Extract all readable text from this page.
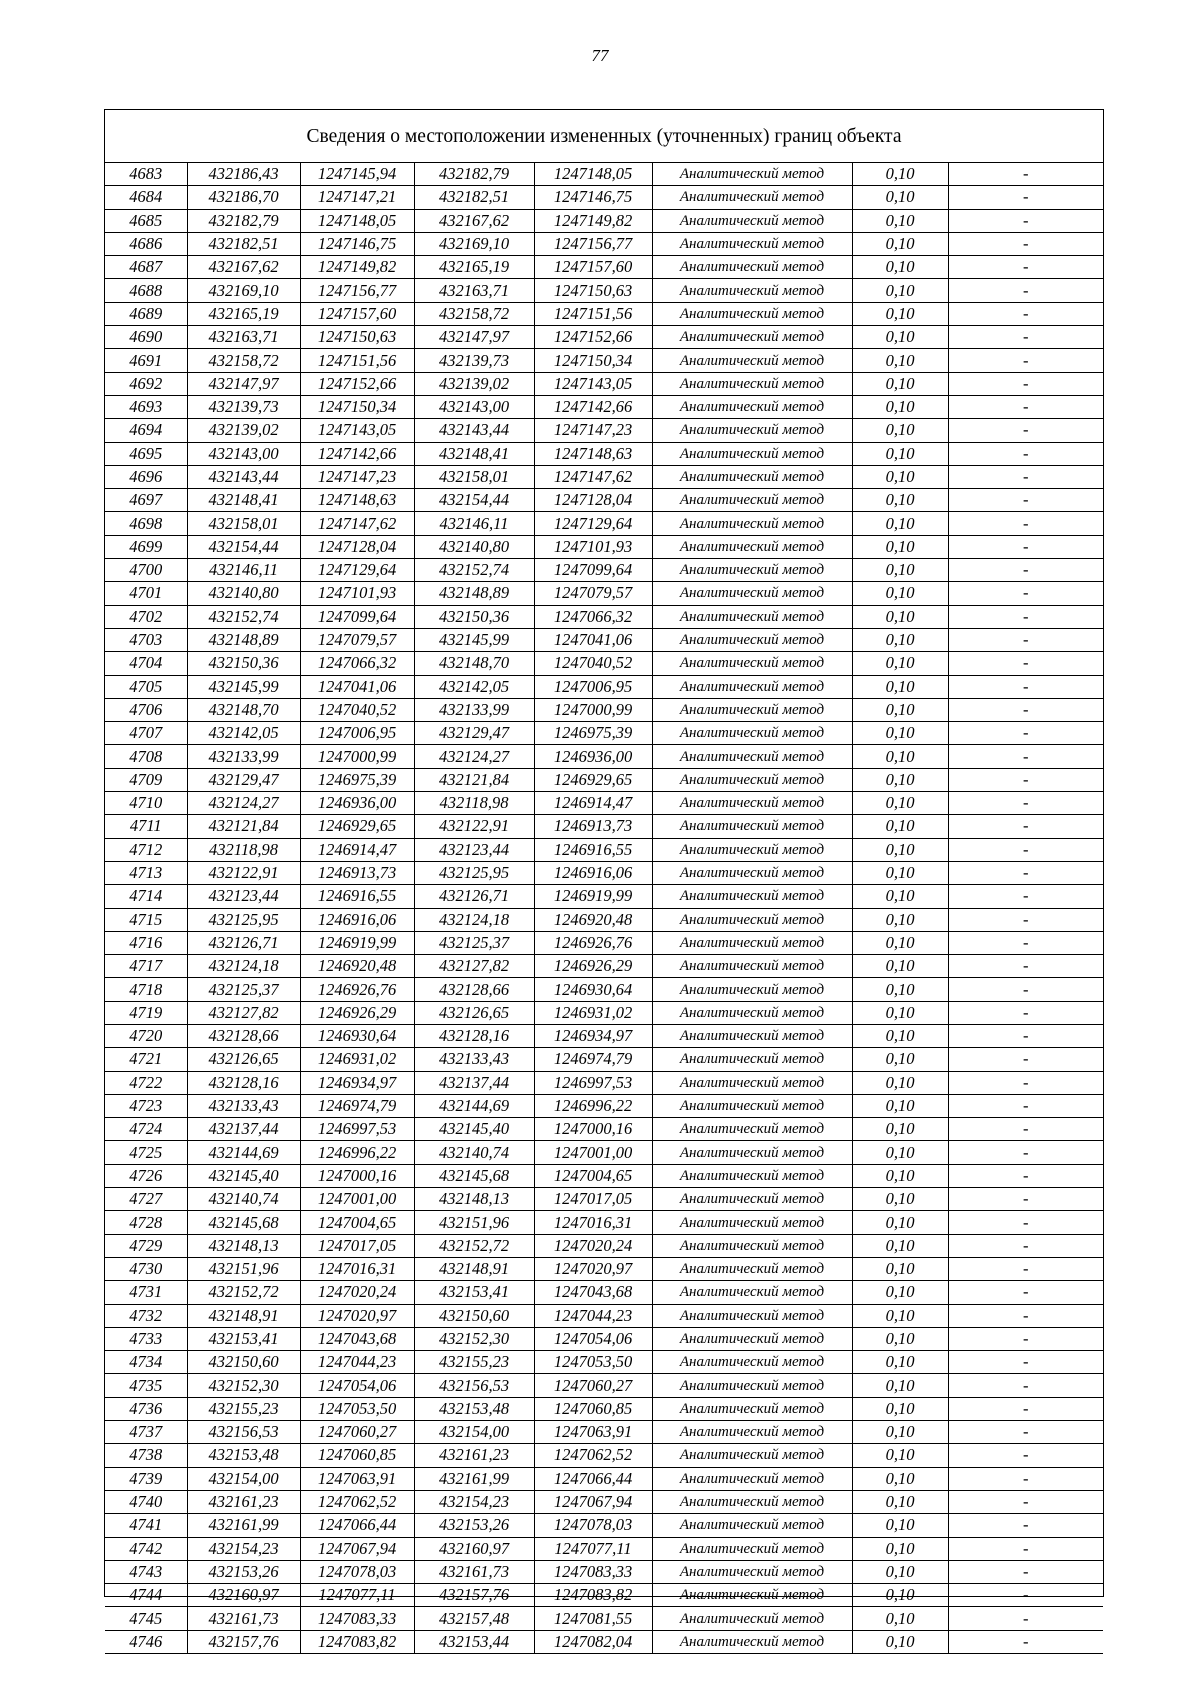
77
Сведения о местоположении измененных (уточненных) границ объекта
4683	432186,43	1247145,94	432182,79	1247148,05	Аналитический метод	0,10	-
4684	432186,70	1247147,21	432182,51	1247146,75	Аналитический метод	0,10	-
4685	432182,79	1247148,05	432167,62	1247149,82	Аналитический метод	0,10	-
4686	432182,51	1247146,75	432169,10	1247156,77	Аналитический метод	0,10	-
4687	432167,62	1247149,82	432165,19	1247157,60	Аналитический метод	0,10	-
4688	432169,10	1247156,77	432163,71	1247150,63	Аналитический метод	0,10	-
4689	432165,19	1247157,60	432158,72	1247151,56	Аналитический метод	0,10	-
4690	432163,71	1247150,63	432147,97	1247152,66	Аналитический метод	0,10	-
4691	432158,72	1247151,56	432139,73	1247150,34	Аналитический метод	0,10	-
4692	432147,97	1247152,66	432139,02	1247143,05	Аналитический метод	0,10	-
4693	432139,73	1247150,34	432143,00	1247142,66	Аналитический метод	0,10	-
4694	432139,02	1247143,05	432143,44	1247147,23	Аналитический метод	0,10	-
4695	432143,00	1247142,66	432148,41	1247148,63	Аналитический метод	0,10	-
4696	432143,44	1247147,23	432158,01	1247147,62	Аналитический метод	0,10	-
4697	432148,41	1247148,63	432154,44	1247128,04	Аналитический метод	0,10	-
4698	432158,01	1247147,62	432146,11	1247129,64	Аналитический метод	0,10	-
4699	432154,44	1247128,04	432140,80	1247101,93	Аналитический метод	0,10	-
4700	432146,11	1247129,64	432152,74	1247099,64	Аналитический метод	0,10	-
4701	432140,80	1247101,93	432148,89	1247079,57	Аналитический метод	0,10	-
4702	432152,74	1247099,64	432150,36	1247066,32	Аналитический метод	0,10	-
4703	432148,89	1247079,57	432145,99	1247041,06	Аналитический метод	0,10	-
4704	432150,36	1247066,32	432148,70	1247040,52	Аналитический метод	0,10	-
4705	432145,99	1247041,06	432142,05	1247006,95	Аналитический метод	0,10	-
4706	432148,70	1247040,52	432133,99	1247000,99	Аналитический метод	0,10	-
4707	432142,05	1247006,95	432129,47	1246975,39	Аналитический метод	0,10	-
4708	432133,99	1247000,99	432124,27	1246936,00	Аналитический метод	0,10	-
4709	432129,47	1246975,39	432121,84	1246929,65	Аналитический метод	0,10	-
4710	432124,27	1246936,00	432118,98	1246914,47	Аналитический метод	0,10	-
4711	432121,84	1246929,65	432122,91	1246913,73	Аналитический метод	0,10	-
4712	432118,98	1246914,47	432123,44	1246916,55	Аналитический метод	0,10	-
4713	432122,91	1246913,73	432125,95	1246916,06	Аналитический метод	0,10	-
4714	432123,44	1246916,55	432126,71	1246919,99	Аналитический метод	0,10	-
4715	432125,95	1246916,06	432124,18	1246920,48	Аналитический метод	0,10	-
4716	432126,71	1246919,99	432125,37	1246926,76	Аналитический метод	0,10	-
4717	432124,18	1246920,48	432127,82	1246926,29	Аналитический метод	0,10	-
4718	432125,37	1246926,76	432128,66	1246930,64	Аналитический метод	0,10	-
4719	432127,82	1246926,29	432126,65	1246931,02	Аналитический метод	0,10	-
4720	432128,66	1246930,64	432128,16	1246934,97	Аналитический метод	0,10	-
4721	432126,65	1246931,02	432133,43	1246974,79	Аналитический метод	0,10	-
4722	432128,16	1246934,97	432137,44	1246997,53	Аналитический метод	0,10	-
4723	432133,43	1246974,79	432144,69	1246996,22	Аналитический метод	0,10	-
4724	432137,44	1246997,53	432145,40	1247000,16	Аналитический метод	0,10	-
4725	432144,69	1246996,22	432140,74	1247001,00	Аналитический метод	0,10	-
4726	432145,40	1247000,16	432145,68	1247004,65	Аналитический метод	0,10	-
4727	432140,74	1247001,00	432148,13	1247017,05	Аналитический метод	0,10	-
4728	432145,68	1247004,65	432151,96	1247016,31	Аналитический метод	0,10	-
4729	432148,13	1247017,05	432152,72	1247020,24	Аналитический метод	0,10	-
4730	432151,96	1247016,31	432148,91	1247020,97	Аналитический метод	0,10	-
4731	432152,72	1247020,24	432153,41	1247043,68	Аналитический метод	0,10	-
4732	432148,91	1247020,97	432150,60	1247044,23	Аналитический метод	0,10	-
4733	432153,41	1247043,68	432152,30	1247054,06	Аналитический метод	0,10	-
4734	432150,60	1247044,23	432155,23	1247053,50	Аналитический метод	0,10	-
4735	432152,30	1247054,06	432156,53	1247060,27	Аналитический метод	0,10	-
4736	432155,23	1247053,50	432153,48	1247060,85	Аналитический метод	0,10	-
4737	432156,53	1247060,27	432154,00	1247063,91	Аналитический метод	0,10	-
4738	432153,48	1247060,85	432161,23	1247062,52	Аналитический метод	0,10	-
4739	432154,00	1247063,91	432161,99	1247066,44	Аналитический метод	0,10	-
4740	432161,23	1247062,52	432154,23	1247067,94	Аналитический метод	0,10	-
4741	432161,99	1247066,44	432153,26	1247078,03	Аналитический метод	0,10	-
4742	432154,23	1247067,94	432160,97	1247077,11	Аналитический метод	0,10	-
4743	432153,26	1247078,03	432161,73	1247083,33	Аналитический метод	0,10	-
4744	432160,97	1247077,11	432157,76	1247083,82	Аналитический метод	0,10	-
4745	432161,73	1247083,33	432157,48	1247081,55	Аналитический метод	0,10	-
4746	432157,76	1247083,82	432153,44	1247082,04	Аналитический метод	0,10	-
